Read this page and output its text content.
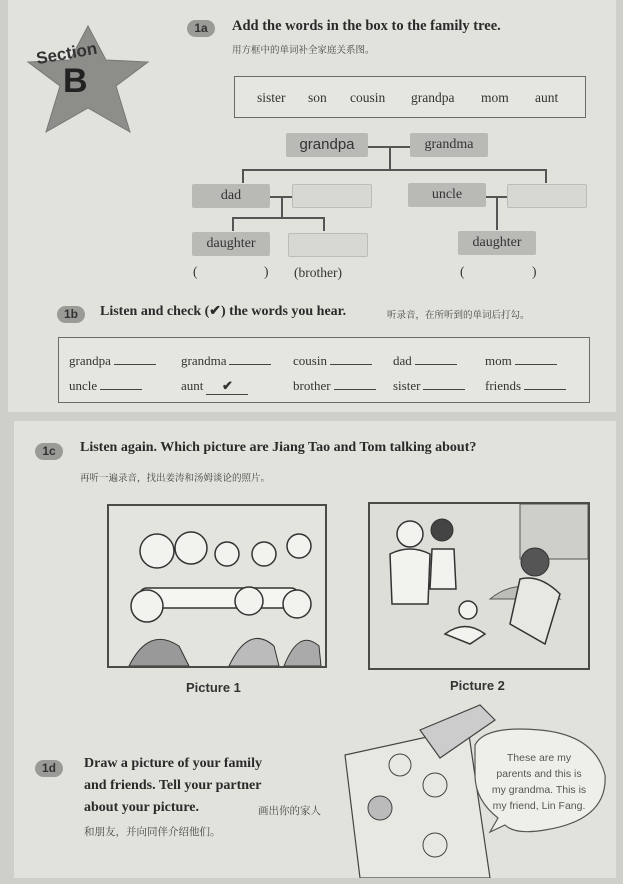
Section
B
1a	Add the words in the box to the family tree.
用方框中的单词补全家庭关系图。
sister son cousin grandpa mom aunt
grandpa	grandma
dad	uncle
daughter	daughter
(	) (brother)	(	)
1b	Listen and check (✔) the words you hear.	听录音，在所听到的单词后打勾。
grandpa	grandma	cousin	dad	mom
uncle	aunt ✔	brother	sister	friends
1c	Listen again. Which picture are Jiang Tao and Tom talking about?
再听一遍录音，找出姜涛和汤姆谈论的照片。
Picture 1	Picture 2
1d	Draw a picture of your family
and friends. Tell your partner
about your picture.	画出你的家人
和朋友，并向同伴介绍他们。
These are my
parents and this is
my grandma. This is
my friend, Lin Fang.
